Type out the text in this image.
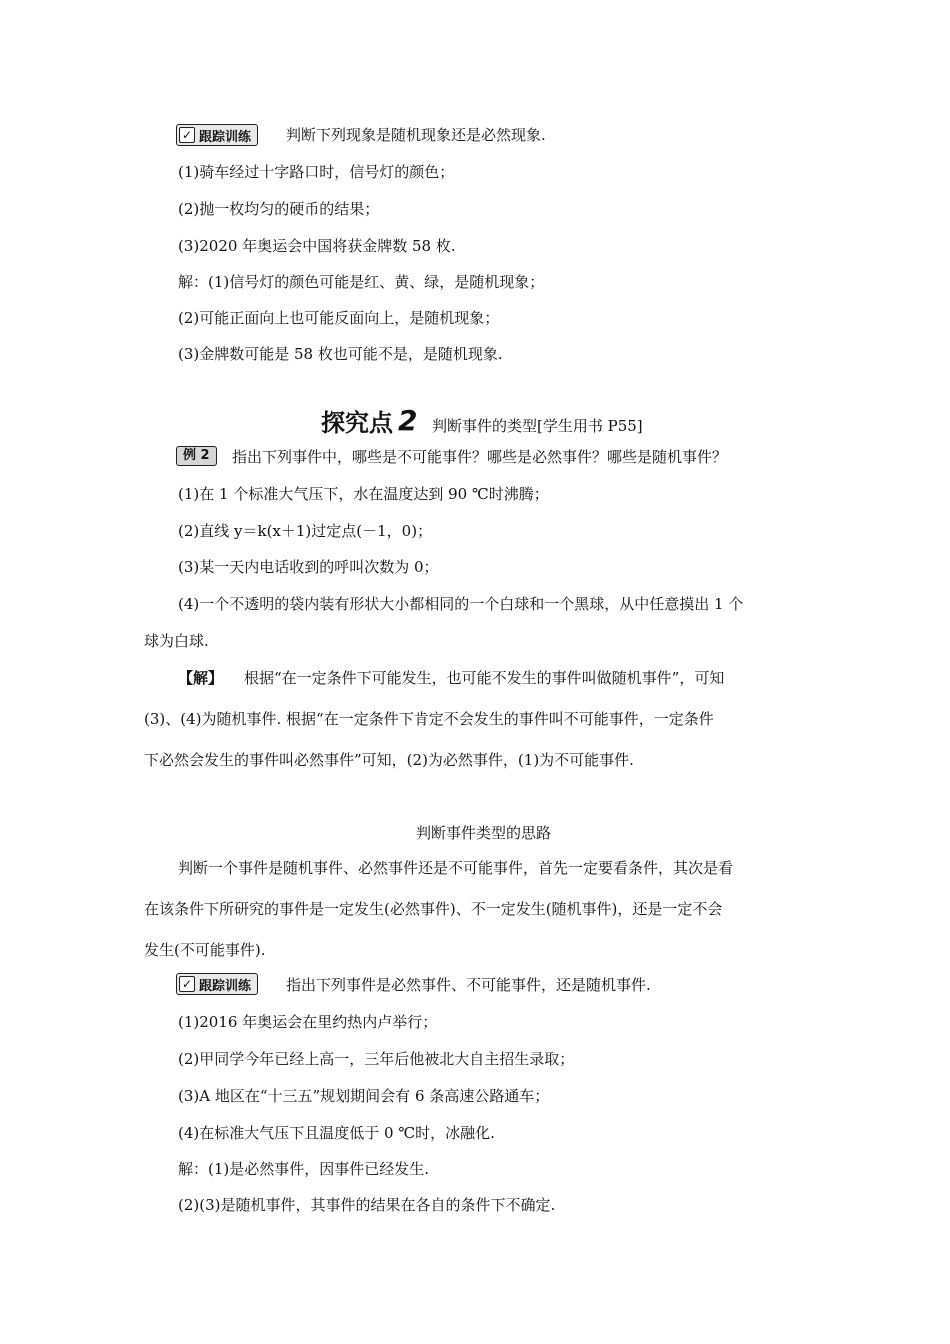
✓ 跟踪训练 判断下列现象是随机现象还是必然现象.
(1)骑车经过十字路口时，信号灯的颜色；
(2)抛一枚均匀的硬币的结果；
(3)2020 年奥运会中国将获金牌数 58 枚.
解：(1)信号灯的颜色可能是红、黄、绿，是随机现象；
(2)可能正面向上也可能反面向上，是随机现象；
(3)金牌数可能是 58 枚也可能不是，是随机现象.
探究点 2 判断事件的类型[学生用书 P55]
例 2	指出下列事件中，哪些是不可能事件？哪些是必然事件？哪些是随机事件？
(1)在 1 个标准大气压下，水在温度达到 90 ℃时沸腾；
(2)直线 y＝k(x＋1)过定点(－1，0)；
(3)某一天内电话收到的呼叫次数为 0；
(4)一个不透明的袋内装有形状大小都相同的一个白球和一个黑球，从中任意摸出 1 个
球为白球.
【解】 根据“在一定条件下可能发生，也可能不发生的事件叫做随机事件”，可知
(3)、(4)为随机事件. 根据“在一定条件下肯定不会发生的事件叫不可能事件，一定条件
下必然会发生的事件叫必然事件”可知，(2)为必然事件，(1)为不可能事件.
判断事件类型的思路
判断一个事件是随机事件、必然事件还是不可能事件，首先一定要看条件，其次是看
在该条件下所研究的事件是一定发生(必然事件)、不一定发生(随机事件)，还是一定不会
发生(不可能事件).
✓ 跟踪训练 指出下列事件是必然事件、不可能事件，还是随机事件.
(1)2016 年奥运会在里约热内卢举行；
(2)甲同学今年已经上高一，三年后他被北大自主招生录取；
(3)A 地区在“十三五”规划期间会有 6 条高速公路通车；
(4)在标准大气压下且温度低于 0 ℃时，冰融化.
解：(1)是必然事件，因事件已经发生.
(2)(3)是随机事件，其事件的结果在各自的条件下不确定.
